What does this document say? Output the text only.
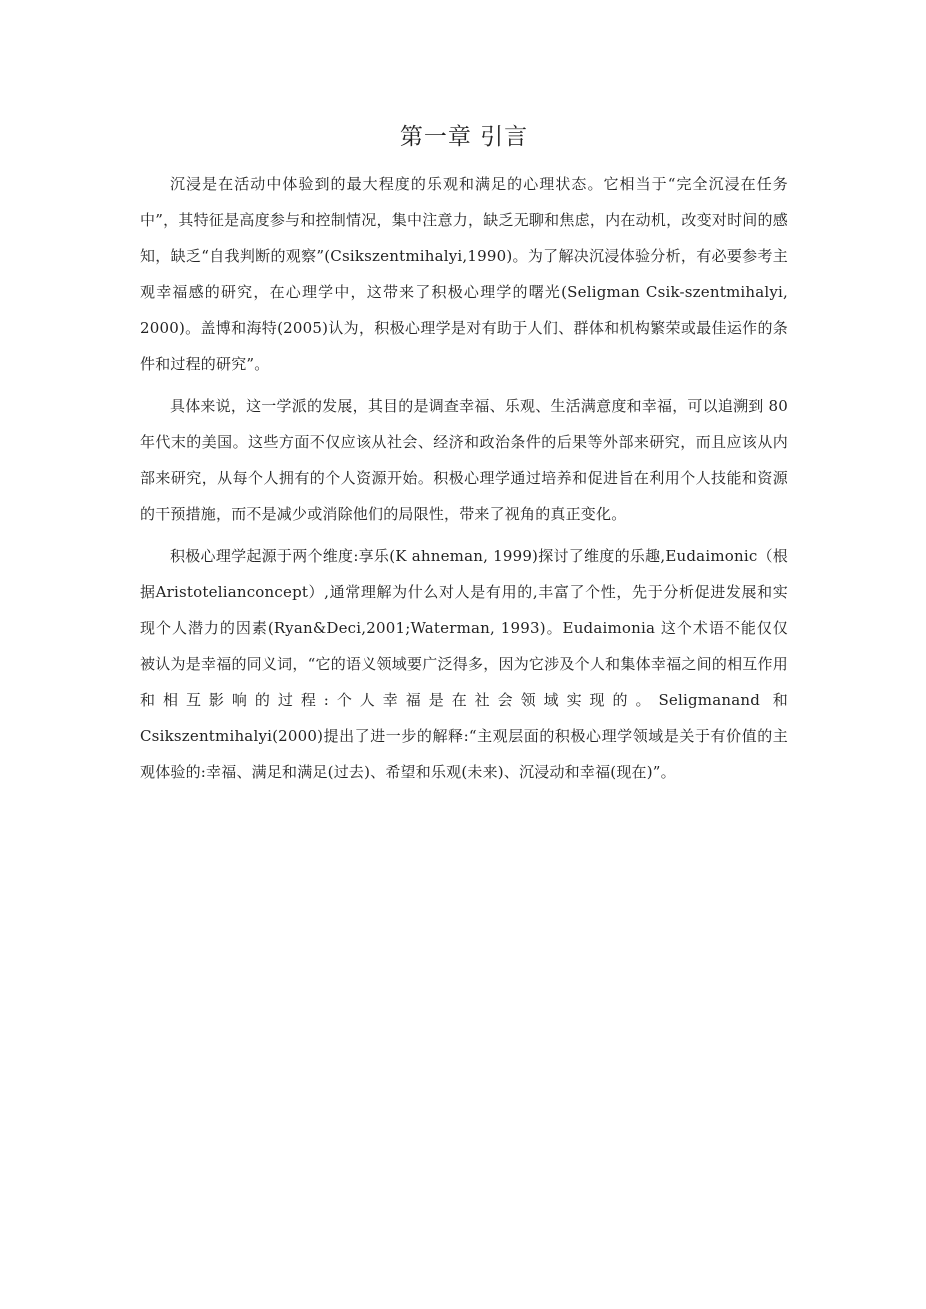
第一章 引言

沉浸是在活动中体验到的最大程度的乐观和满足的心理状态。它相当于“完全沉浸在任务中”，其特征是高度参与和控制情况，集中注意力，缺乏无聊和焦虑，内在动机，改变对时间的感知，缺乏“自我判断的观察”(Csikszentmihalyi,1990)。为了解决沉浸体验分析，有必要参考主观幸福感的研究，在心理学中，这带来了积极心理学的曙光(Seligman Csik-szentmihalyi, 2000)。盖博和海特(2005)认为，积极心理学是对有助于人们、群体和机构繁荣或最佳运作的条件和过程的研究”。

具体来说，这一学派的发展，其目的是调查幸福、乐观、生活满意度和幸福，可以追溯到 80 年代末的美国。这些方面不仅应该从社会、经济和政治条件的后果等外部来研究，而且应该从内部来研究，从每个人拥有的个人资源开始。积极心理学通过培养和促进旨在利用个人技能和资源的干预措施，而不是减少或消除他们的局限性，带来了视角的真正变化。

积极心理学起源于两个维度:享乐(K ahneman, 1999)探讨了维度的乐趣,Eudaimonic（根据Aristotelianconcept）,通常理解为什么对人是有用的,丰富了个性，先于分析促进发展和实现个人潜力的因素(Ryan&Deci,2001;Waterman, 1993)。Eudaimonia 这个术语不能仅仅被认为是幸福的同义词，“它的语义领域要广泛得多，因为它涉及个人和集体幸福之间的相互作用和相互影响的过程:个人幸福是在社会领域实现的。Seligmanand 和 Csikszentmihalyi(2000)提出了进一步的解释:“主观层面的积极心理学领域是关于有价值的主观体验的:幸福、满足和满足(过去)、希望和乐观(未来)、沉浸动和幸福(现在)”。
